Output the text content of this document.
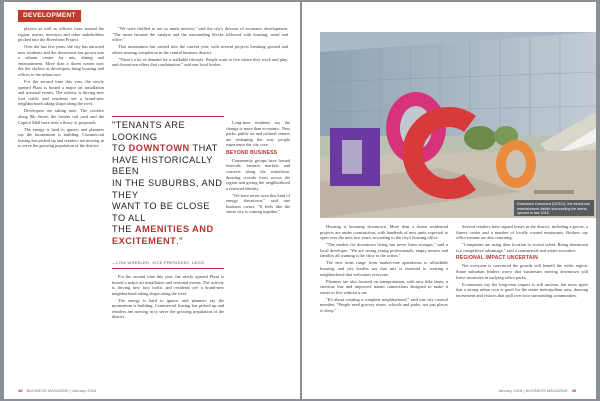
DEVELOPMENT

players as well as officers from around the region, matter, investors and other stakeholders pitched into the Riverfront Project.

Over the last few years, the city has attracted new residents and the downtown has grown into a vibrant center for arts, dining and entertainment. More than a dozen cranes now dot the skyline as developers bring housing and offices to the urban core.

For the second time this year, the newly opened Plaza is hosted a major art installation and seasonal events. The activity is driving new foot traffic and residents see a brand-new neighborhood taking shape along the river.

Developers are taking note. The corridor along 8th Street, the former rail yard and the Capitol Mall have seen a flurry of proposals.

The energy is hard to ignore, and planners say the momentum is building. Commercial leasing has picked up and retailers are moving in to serve the growing population of the district.

"We were thrilled to see so much interest," said the city's director of economic development. "The arena became the catalyst and the surrounding blocks followed with housing, retail and office."

That momentum has carried into the current year, with several projects breaking ground and others nearing completion in the central business district.

"There's a lot of demand for a walkable lifestyle. People want to live where they work and play, and downtown offers that combination," said one local broker.

"TENANTS ARE LOOKING
TO DOWNTOWN THAT
HAVE HISTORICALLY BEEN
IN THE SUBURBS, AND THEY
WANT TO BE CLOSE TO ALL
THE AMENITIES AND
EXCITEMENT."
—LISA WHEELER, VICE PRESIDENT, LEGG

Long-time residents say the change is more than economic. New parks, public art and cultural venues are reshaping the way people experience the city core.

BEYOND BUSINESS

Community groups have hosted festivals, farmers markets and concerts along the waterfront, drawing crowds from across the region and giving the neighborhood a renewed identity.

"We have never seen this kind of energy downtown," said one business owner. "It feels like the entire city is coming together."

For the second time this year, the newly opened Plaza is hosted a major art installation and seasonal events. The activity is driving new foot traffic and residents see a brand-new neighborhood taking shape along the river.

The energy is hard to ignore, and planners say the momentum is building. Commercial leasing has picked up and retailers are moving in to serve the growing population of the district.

48 BUSINESS MAGAZINE | January 2018
Downtown Commons (DOCO), the mixed-use entertainment district surrounding the arena, opened in late 2016.

Housing is booming downtown. More than a dozen residential projects are under construction, with hundreds of new units expected to open over the next two years, according to the city's housing office.

"The market for downtown living has never been stronger," said a local developer. "We are seeing young professionals, empty nesters and families all wanting to be close to the action."

The new units range from market-rate apartments to affordable housing, and city leaders say that mix is essential to creating a neighborhood that welcomes everyone.

Planners are also focused on transportation, with new bike lanes, a streetcar line and improved transit connections designed to make it easier to live without a car.

"It's about creating a complete neighborhood," said one city council member. "People need grocery stores, schools and parks, not just places to sleep."

Several retailers have signed leases in the district, including a grocer, a fitness center and a number of locally owned restaurants. Brokers say office tenants are also returning.

"Companies are using their location to recruit talent. Being downtown is a competitive advantage," said a commercial real estate executive.

REGIONAL IMPACT UNCERTAIN

Not everyone is convinced the growth will benefit the wider region. Some suburban leaders worry that businesses moving downtown will leave vacancies in outlying office parks.

Economists say the long-term impact is still unclear, but most agree that a strong urban core is good for the entire metropolitan area, drawing investment and visitors that spill over into surrounding communities.

January 2018 | BUSINESS MAGAZINE 49
